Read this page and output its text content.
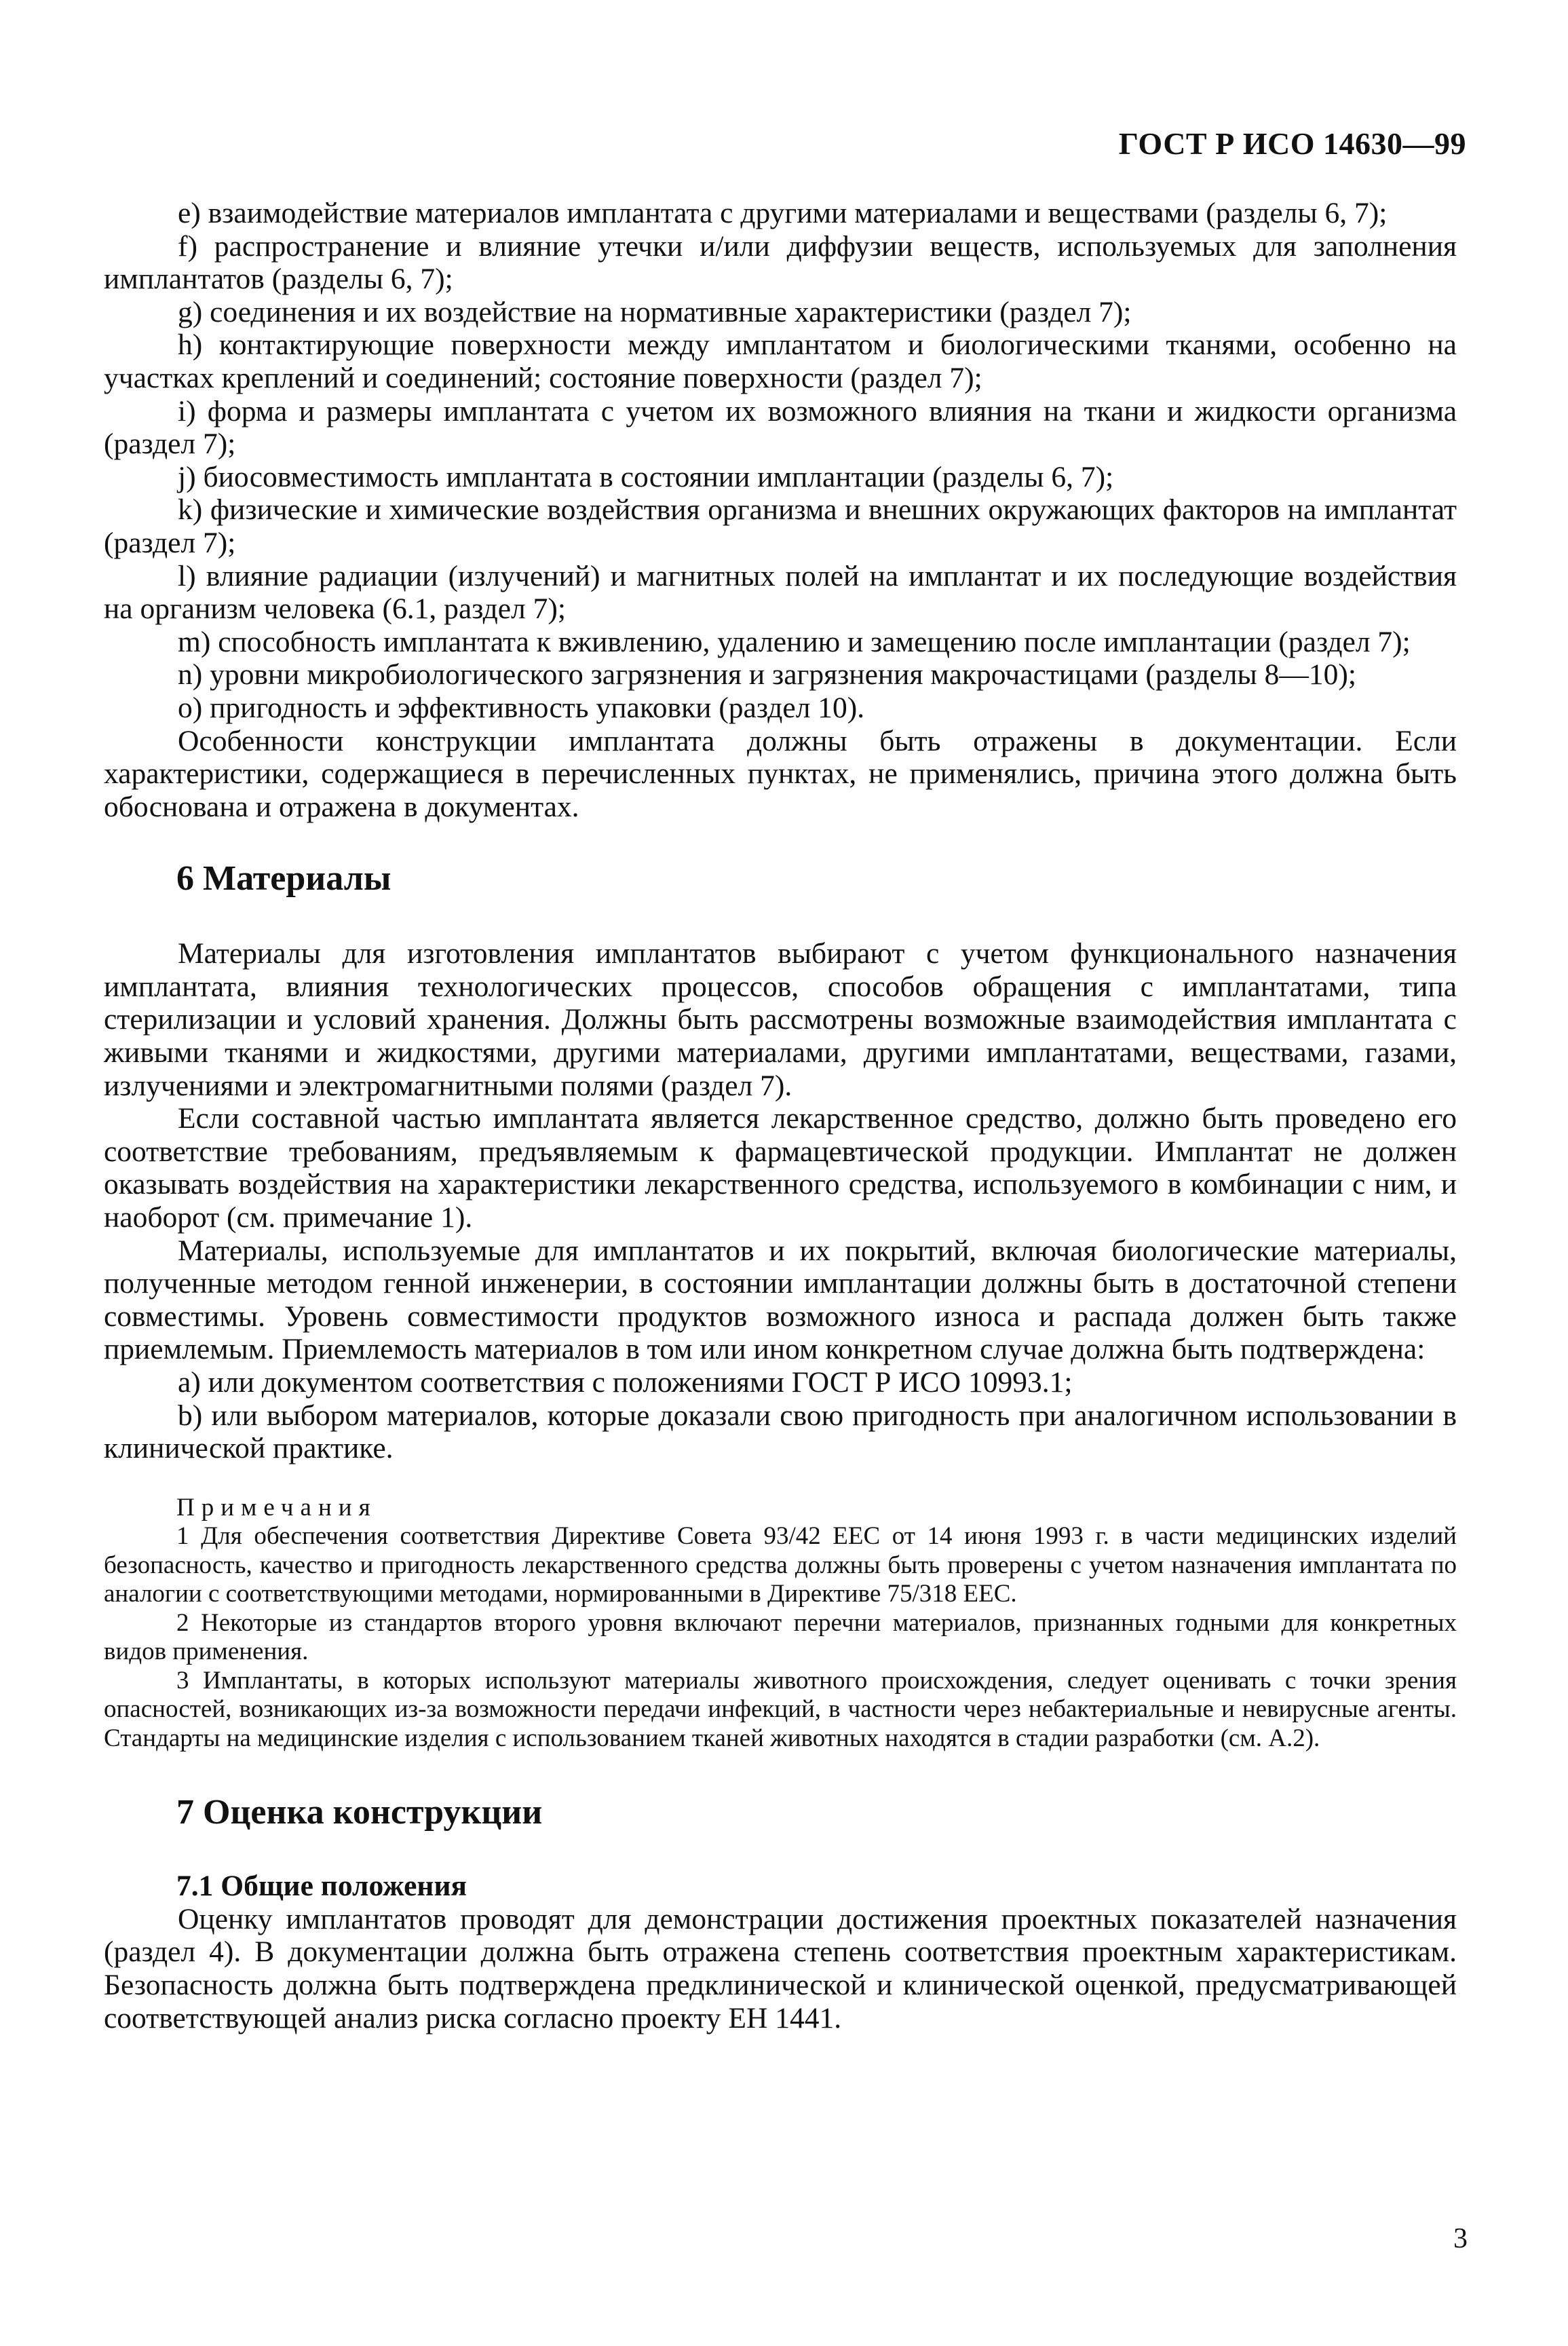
ГОСТ Р ИСО 14630—99

e) взаимодействие материалов имплантата с другими материалами и веществами (разделы 6, 7);

f) распространение и влияние утечки и/или диффузии веществ, используемых для заполнения имплантатов (разделы 6, 7);

g) соединения и их воздействие на нормативные характеристики (раздел 7);

h) контактирующие поверхности между имплантатом и биологическими тканями, особенно на участках креплений и соединений; состояние поверхности (раздел 7);

i) форма и размеры имплантата с учетом их возможного влияния на ткани и жидкости организма (раздел 7);

j) биосовместимость имплантата в состоянии имплантации (разделы 6, 7);

k) физические и химические воздействия организма и внешних окружающих факторов на имплантат (раздел 7);

l) влияние радиации (излучений) и магнитных полей на имплантат и их последующие воздействия на организм человека (6.1, раздел 7);

m) способность имплантата к вживлению, удалению и замещению после имплантации (раздел 7);

n) уровни микробиологического загрязнения и загрязнения макрочастицами (разделы 8—10);

o) пригодность и эффективность упаковки (раздел 10).

Особенности конструкции имплантата должны быть отражены в документации. Если характеристики, содержащиеся в перечисленных пунктах, не применялись, причина этого должна быть обоснована и отражена в документах.

6 Материалы

Материалы для изготовления имплантатов выбирают с учетом функционального назначения имплантата, влияния технологических процессов, способов обращения с имплантатами, типа стерилизации и условий хранения. Должны быть рассмотрены возможные взаимодействия имплантата с живыми тканями и жидкостями, другими материалами, другими имплантатами, веществами, газами, излучениями и электромагнитными полями (раздел 7).

Если составной частью имплантата является лекарственное средство, должно быть проведено его соответствие требованиям, предъявляемым к фармацевтической продукции. Имплантат не должен оказывать воздействия на характеристики лекарственного средства, используемого в комбинации с ним, и наоборот (см. примечание 1).

Материалы, используемые для имплантатов и их покрытий, включая биологические материалы, полученные методом генной инженерии, в состоянии имплантации должны быть в достаточной степени совместимы. Уровень совместимости продуктов возможного износа и распада должен быть также приемлемым. Приемлемость материалов в том или ином конкретном случае должна быть подтверждена:

a) или документом соответствия с положениями ГОСТ Р ИСО 10993.1;

b) или выбором материалов, которые доказали свою пригодность при аналогичном использовании в клинической практике.

Примечания

1 Для обеспечения соответствия Директиве Совета 93/42 ЕЕС от 14 июня 1993 г. в части медицинских изделий безопасность, качество и пригодность лекарственного средства должны быть проверены с учетом назначения имплантата по аналогии с соответствующими методами, нормированными в Директиве 75/318 ЕЕС.

2 Некоторые из стандартов второго уровня включают перечни материалов, признанных годными для конкретных видов применения.

3 Имплантаты, в которых используют материалы животного происхождения, следует оценивать с точки зрения опасностей, возникающих из-за возможности передачи инфекций, в частности через небактериальные и невирусные агенты. Стандарты на медицинские изделия с использованием тканей животных находятся в стадии разработки (см. А.2).

7 Оценка конструкции

7.1 Общие положения

Оценку имплантатов проводят для демонстрации достижения проектных показателей назначения (раздел 4). В документации должна быть отражена степень соответствия проектным характеристикам. Безопасность должна быть подтверждена предклинической и клинической оценкой, предусматривающей соответствующей анализ риска согласно проекту ЕН 1441.

3
